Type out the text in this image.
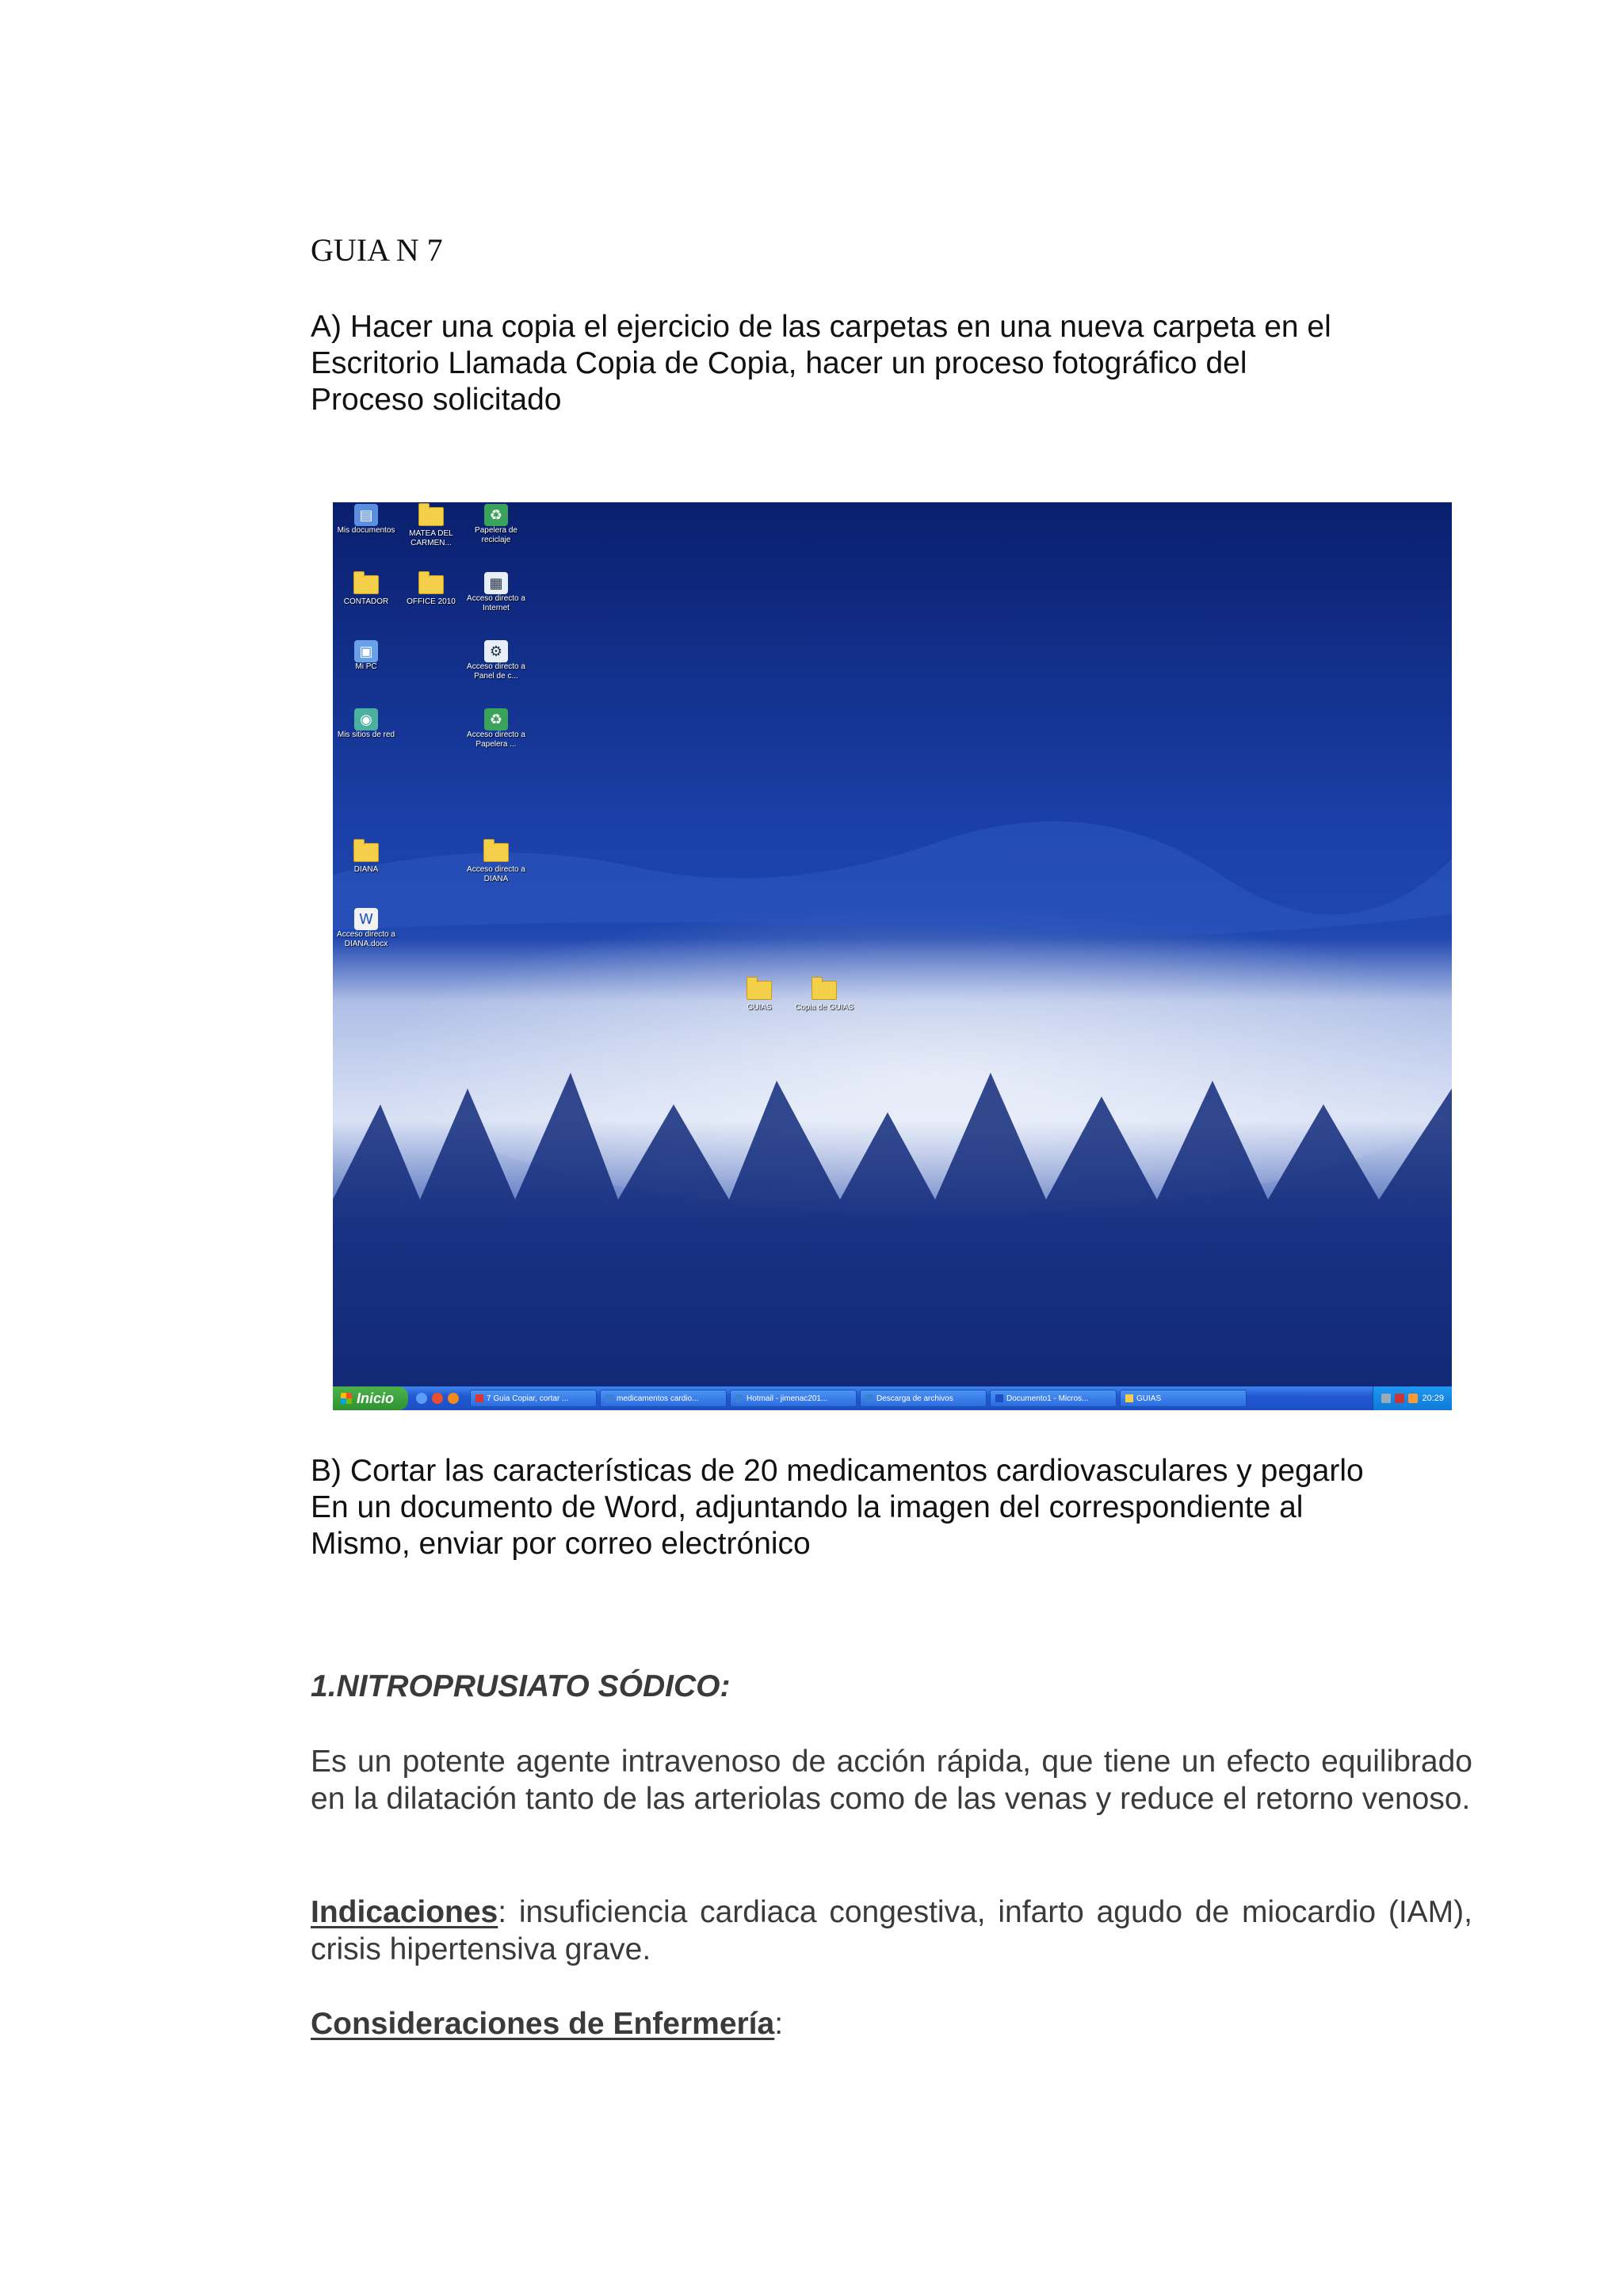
GUIA N 7
A) Hacer una copia el ejercicio de las carpetas en una nueva carpeta en el
Escritorio Llamada Copia de Copia, hacer un proceso fotográfico del
Proceso solicitado
▤
Mis documentos	MATEA DEL CARMEN...
♻
Papelera de reciclaje
CONTADOR	OFFICE 2010
▦
Acceso directo a Internet
▣
Mi PC
⚙
Acceso directo a Panel de c...
◉
Mis sitios de red
♻
Acceso directo a Papelera ...
DIANA	Acceso directo a DIANA
W
Acceso directo a DIANA.docx
GUIAS	Copia de GUIAS
Inicio	7 Guia Copiar, cortar ...	medicamentos cardio...	Hotmail - jimenac201...	Descarga de archivos	Documento1 - Micros...	GUIAS	20:29
B) Cortar las características de 20 medicamentos cardiovasculares y pegarlo
En un documento de Word, adjuntando la imagen del correspondiente al
Mismo, enviar por correo electrónico
1.NITROPRUSIATO SÓDICO:
Es un potente agente intravenoso de acción rápida, que tiene un efecto equilibrado en la dilatación tanto de las arteriolas como de las venas y reduce el retorno venoso.
Indicaciones: insuficiencia cardiaca congestiva, infarto agudo de miocardio (IAM), crisis hipertensiva grave.
Consideraciones de Enfermería:
